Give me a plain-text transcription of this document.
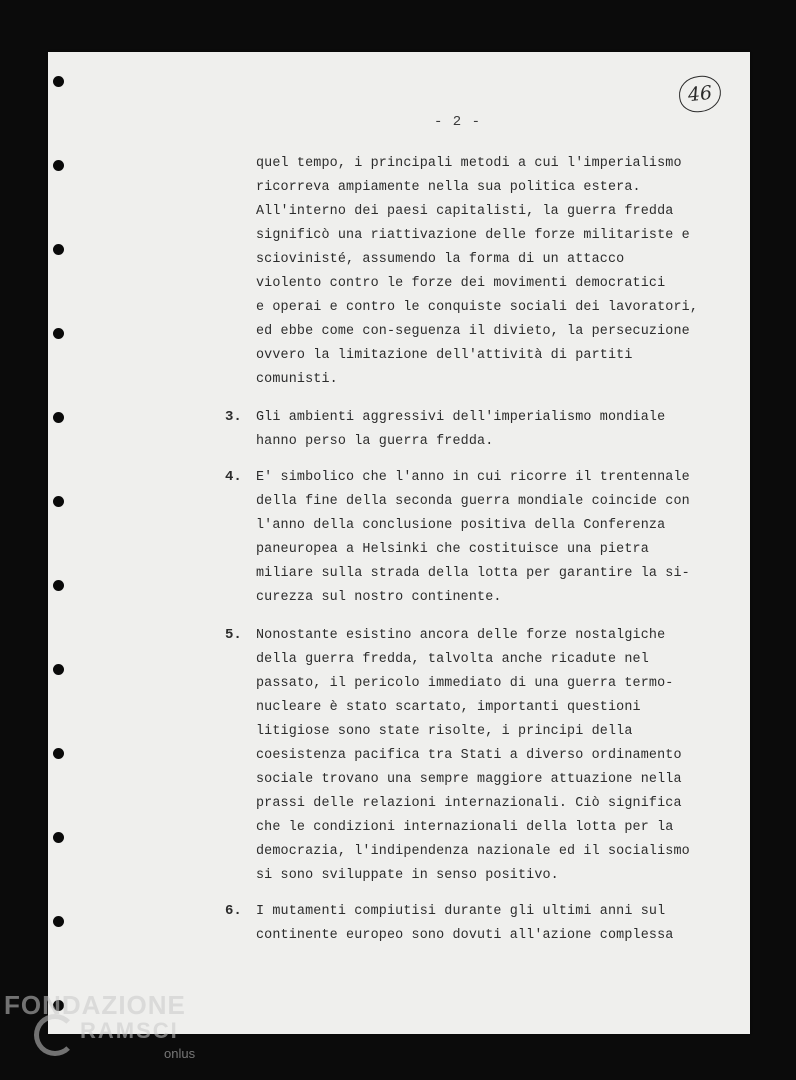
- 2 -
46
quel tempo, i principali metodi a cui l'imperialismo
ricorreva ampiamente nella sua politica estera.
All'interno dei paesi capitalisti, la guerra fredda
significò una riattivazione delle forze militariste e
sciovinisté, assumendo la forma di un attacco
violento contro le forze dei movimenti democratici
e operai e contro le conquiste sociali dei lavoratori,
ed ebbe come con-seguenza il divieto, la persecuzione
ovvero la limitazione dell'attività di partiti
comunisti.
3. Gli ambienti aggressivi dell'imperialismo mondiale
hanno perso la guerra fredda.
4. E' simbolico che l'anno in cui ricorre il trentennale
della fine della seconda guerra mondiale coincide con
l'anno della conclusione positiva della Conferenza
paneuropea a Helsinki che costituisce una pietra
miliare sulla strada della lotta per garantire la si-
curezza sul nostro continente.
5. Nonostante esistino ancora delle forze nostalgiche
della guerra fredda, talvolta anche ricadute nel
passato, il pericolo immediato di una guerra termo-
nucleare è stato scartato, importanti questioni
litigiose sono state risolte, i principi della
coesistenza pacifica tra Stati a diverso ordinamento
sociale trovano una sempre maggiore attuazione nella
prassi delle relazioni internazionali. Ciò significa
che le condizioni internazionali della lotta per la
democrazia, l'indipendenza nazionale ed il socialismo
si sono sviluppate in senso positivo.
6. I mutamenti compiutisi durante gli ultimi anni sul
continente europeo sono dovuti all'azione complessa
FONDAZIONE
RAMSCI
onlus
